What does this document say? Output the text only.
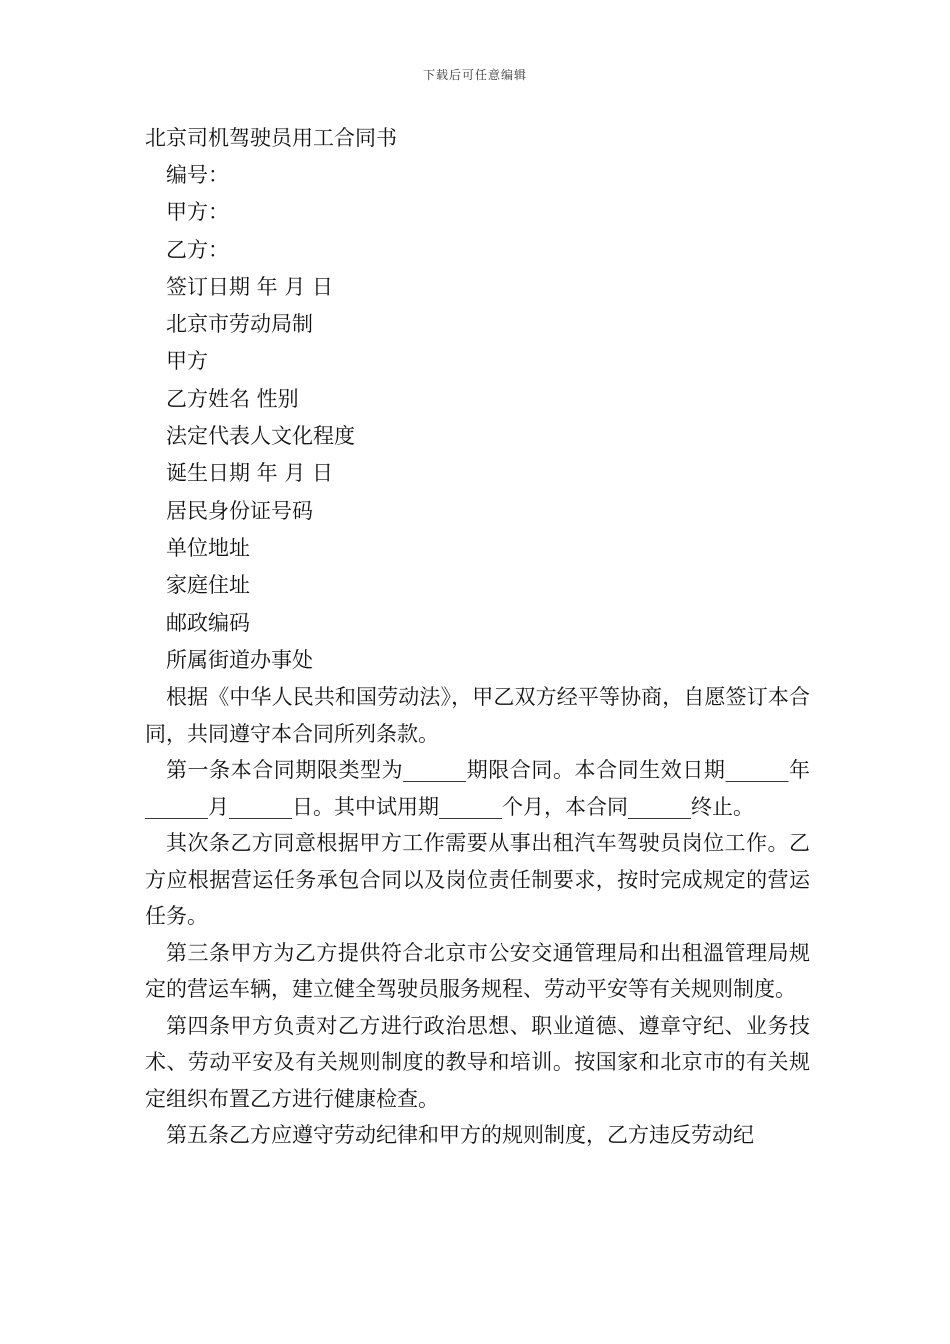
下载后可任意编辑

北京司机驾驶员用工合同书

编号：

甲方：

乙方：

签订日期 年 月 日

北京市劳动局制

甲方

乙方姓名 性别

法定代表人文化程度

诞生日期 年 月 日

居民身份证号码

单位地址

家庭住址

邮政编码

所属街道办事处

根据《中华人民共和国劳动法》，甲乙双方经平等协商，自愿签订本合同，共同遵守本合同所列条款。

第一条本合同期限类型为______期限合同。本合同生效日期______年______月______日。其中试用期______个月，本合同______终止。

其次条乙方同意根据甲方工作需要从事出租汽车驾驶员岗位工作。乙方应根据营运任务承包合同以及岗位责任制要求，按时完成规定的营运任务。

第三条甲方为乙方提供符合北京市公安交通管理局和出租溫管理局规定的营运车辆，建立健全驾驶员服务规程、劳动平安等有关规则制度。

第四条甲方负责对乙方进行政治思想、职业道德、遵章守纪、业务技术、劳动平安及有关规则制度的教导和培训。按国家和北京市的有关规定组织布置乙方进行健康检查。

第五条乙方应遵守劳动纪律和甲方的规则制度，乙方违反劳动纪
